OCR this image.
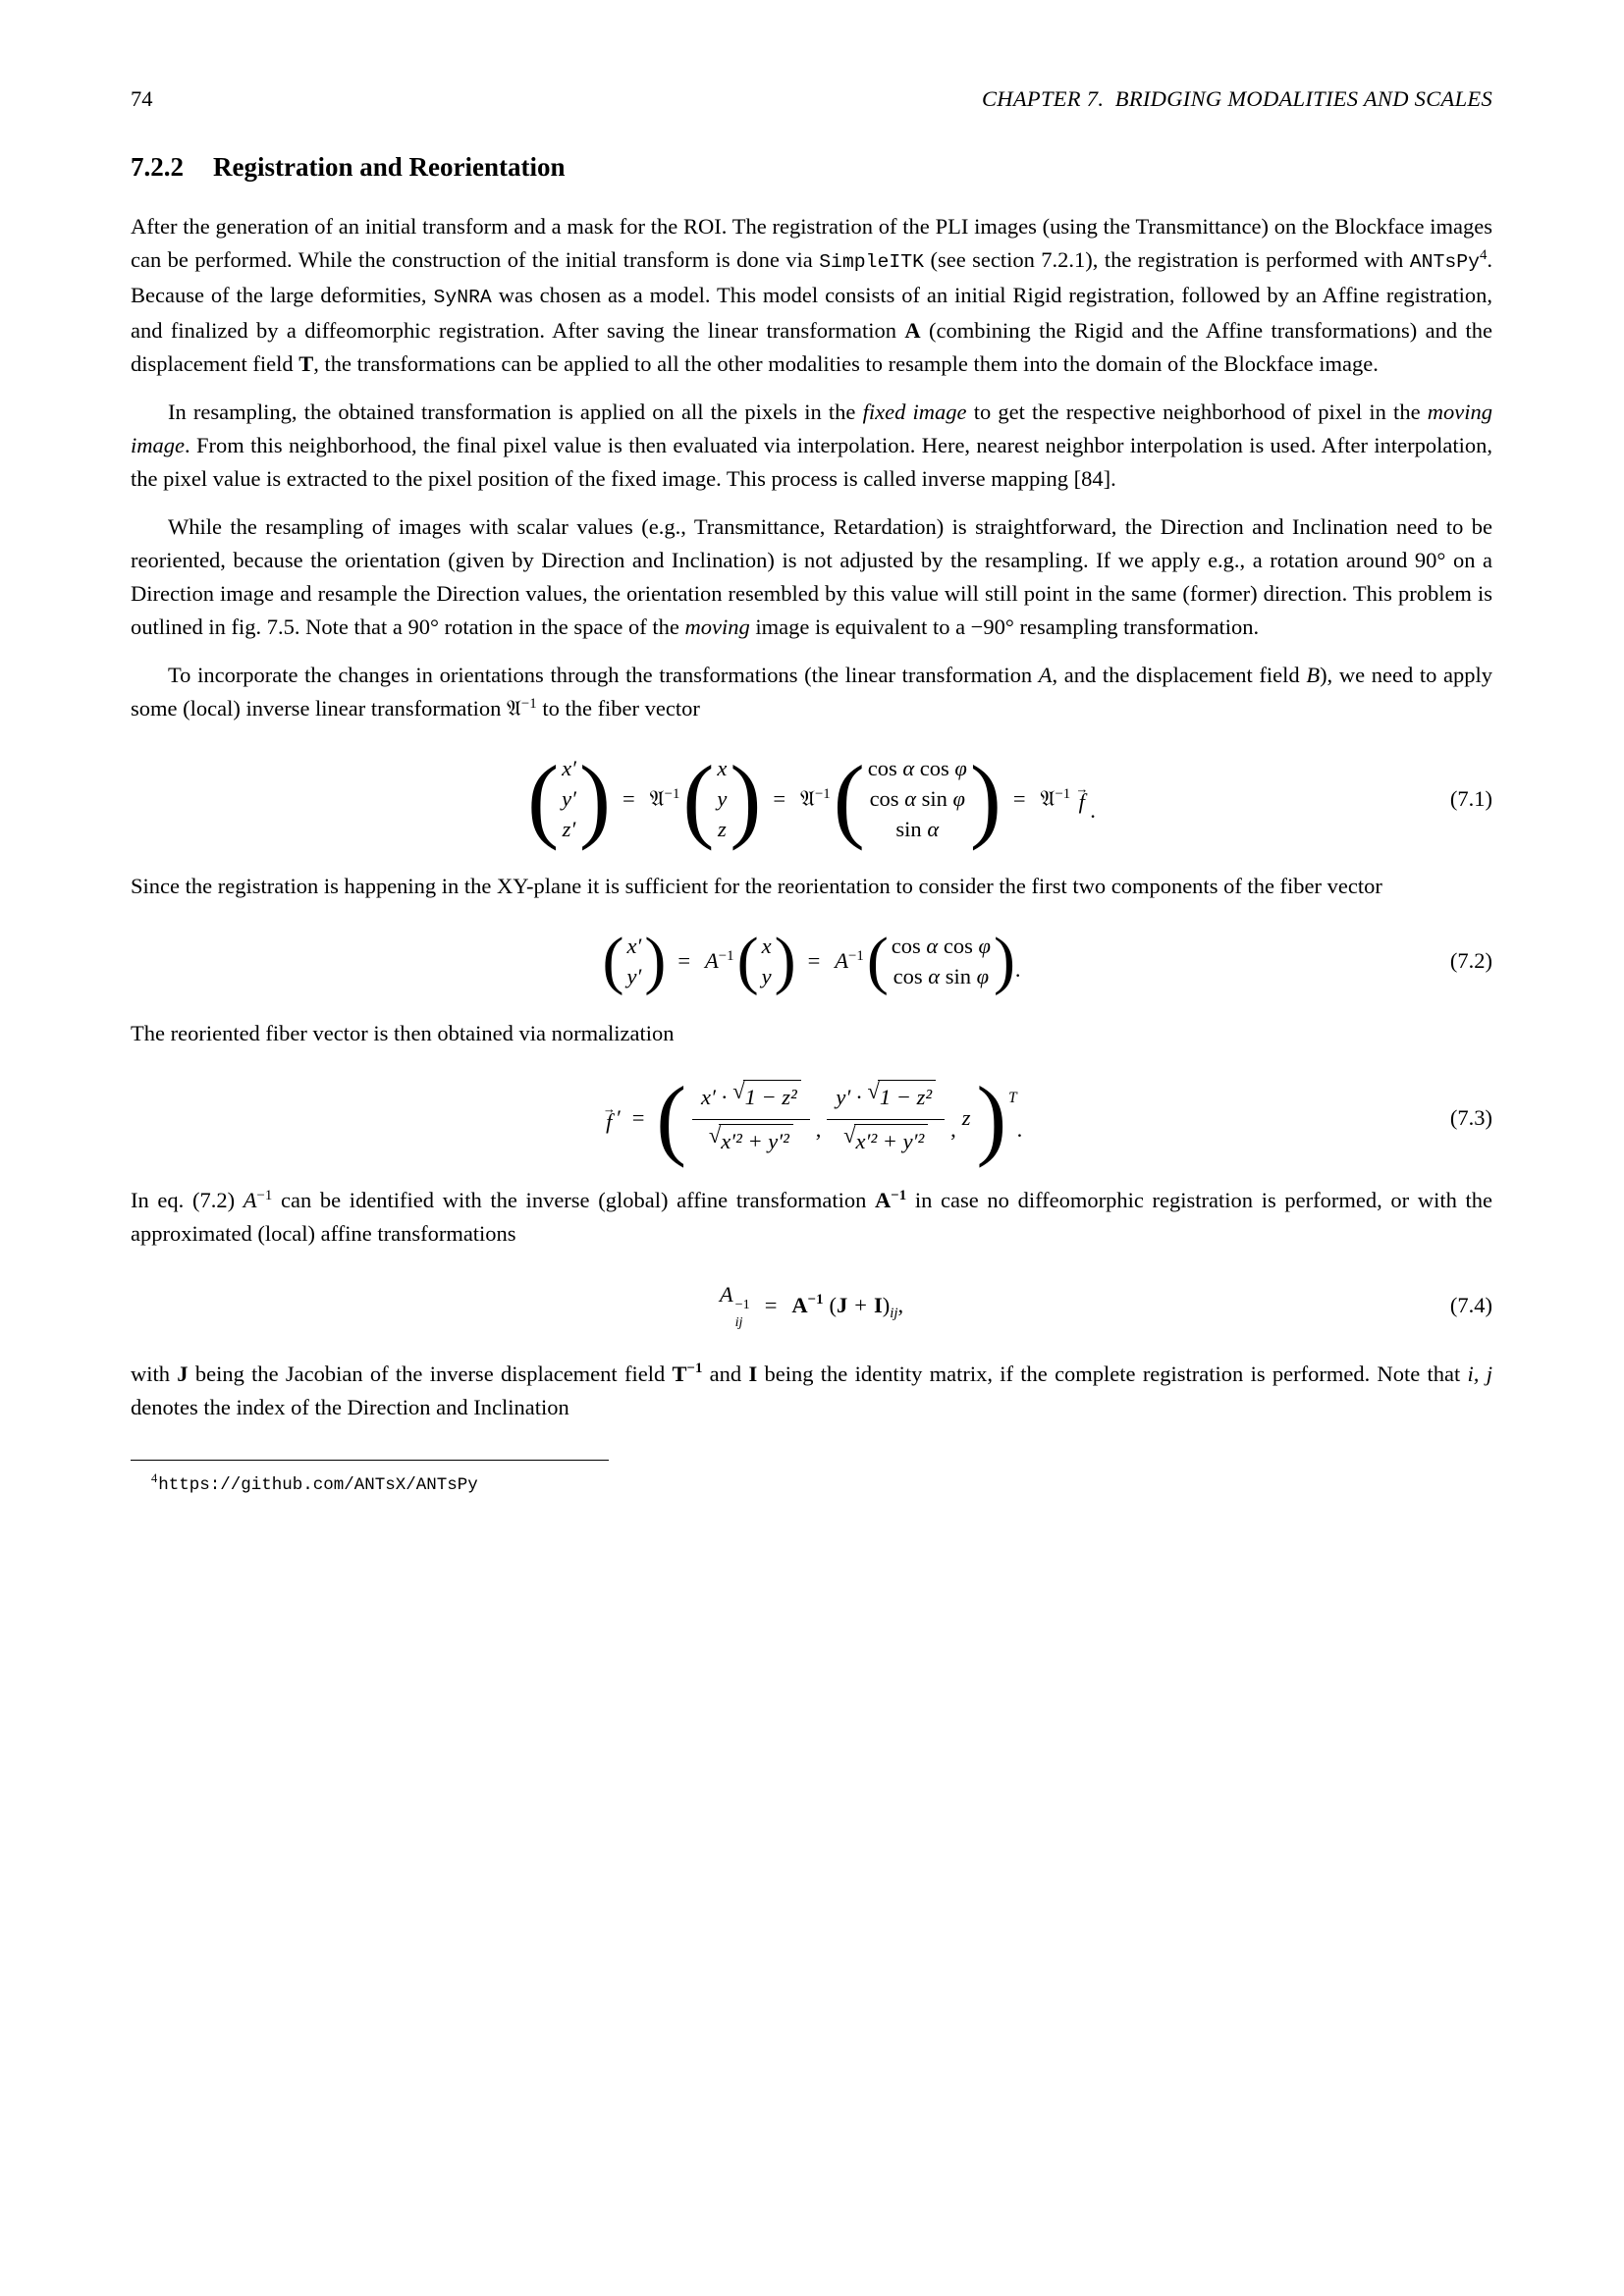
74	CHAPTER 7. BRIDGING MODALITIES AND SCALES
7.2.2 Registration and Reorientation

After the generation of an initial transform and a mask for the ROI. The registration of the PLI images (using the Transmittance) on the Blockface images can be performed. While the construction of the initial transform is done via SimpleITK (see section 7.2.1), the registration is performed with ANTsPy$^4$. Because of the large deformities, SyNRA was chosen as a model. This model consists of an initial Rigid registration, followed by an Affine registration, and finalized by a diffeomorphic registration. After saving the linear transformation A (combining the Rigid and the Affine transformations) and the displacement field T, the transformations can be applied to all the other modalities to resample them into the domain of the Blockface image.

In resampling, the obtained transformation is applied on all the pixels in the fixed image to get the respective neighborhood of pixel in the moving image. From this neighborhood, the final pixel value is then evaluated via interpolation. Here, nearest neighbor interpolation is used. After interpolation, the pixel value is extracted to the pixel position of the fixed image. This process is called inverse mapping [84].

While the resampling of images with scalar values (e.g., Transmittance, Retardation) is straightforward, the Direction and Inclination need to be reoriented, because the orientation (given by Direction and Inclination) is not adjusted by the resampling. If we apply e.g., a rotation around 90° on a Direction image and resample the Direction values, the orientation resembled by this value will still point in the same (former) direction. This problem is outlined in fig. 7.5. Note that a 90° rotation in the space of the moving image is equivalent to a −90° resampling transformation.

To incorporate the changes in orientations through the transformations (the linear transformation A, and the displacement field B), we need to apply some (local) inverse linear transformation 𝔄$^{-1}$ to the fiber vector

( x′
y′
z′ ) = 𝔄$^{-1}$ ( x
y
z ) = 𝔄$^{-1}$ ( cos α cos φ
cos α sin φ
sin α ) = 𝔄$^{-1}$ →
f .	(7.1)

Since the registration is happening in the XY-plane it is sufficient for the reorientation to consider the first two components of the fiber vector

( x′
y′ ) = $A^{-1}$ ( x
y ) = $A^{-1}$ ( cos α cos φ
cos α sin φ ) .	(7.2)

The reoriented fiber vector is then obtained via normalization

→
f ′ = ( $\frac{\text{x′ · √ 1 − z²}}{\text{√ x′² + y′²}}$ , $\frac{\text{y′ · √ 1 − z²}}{\text{√ x′² + y′²}}$ , z ) T
.	(7.3)

In eq. (7.2) $A^{-1}$ can be identified with the inverse (global) affine transformation $A^{-1}$ in case no diffeomorphic registration is performed, or with the approximated (local) affine transformations

A −1
ij
= $A^{-1}$ $(J + I)_{ij}$,	(7.4)

with J being the Jacobian of the inverse displacement field $T^{-1}$ and I being the identity matrix, if the complete registration is performed. Note that i, j denotes the index of the Direction and Inclination

$^4$https://github.com/ANTsX/ANTsPy
